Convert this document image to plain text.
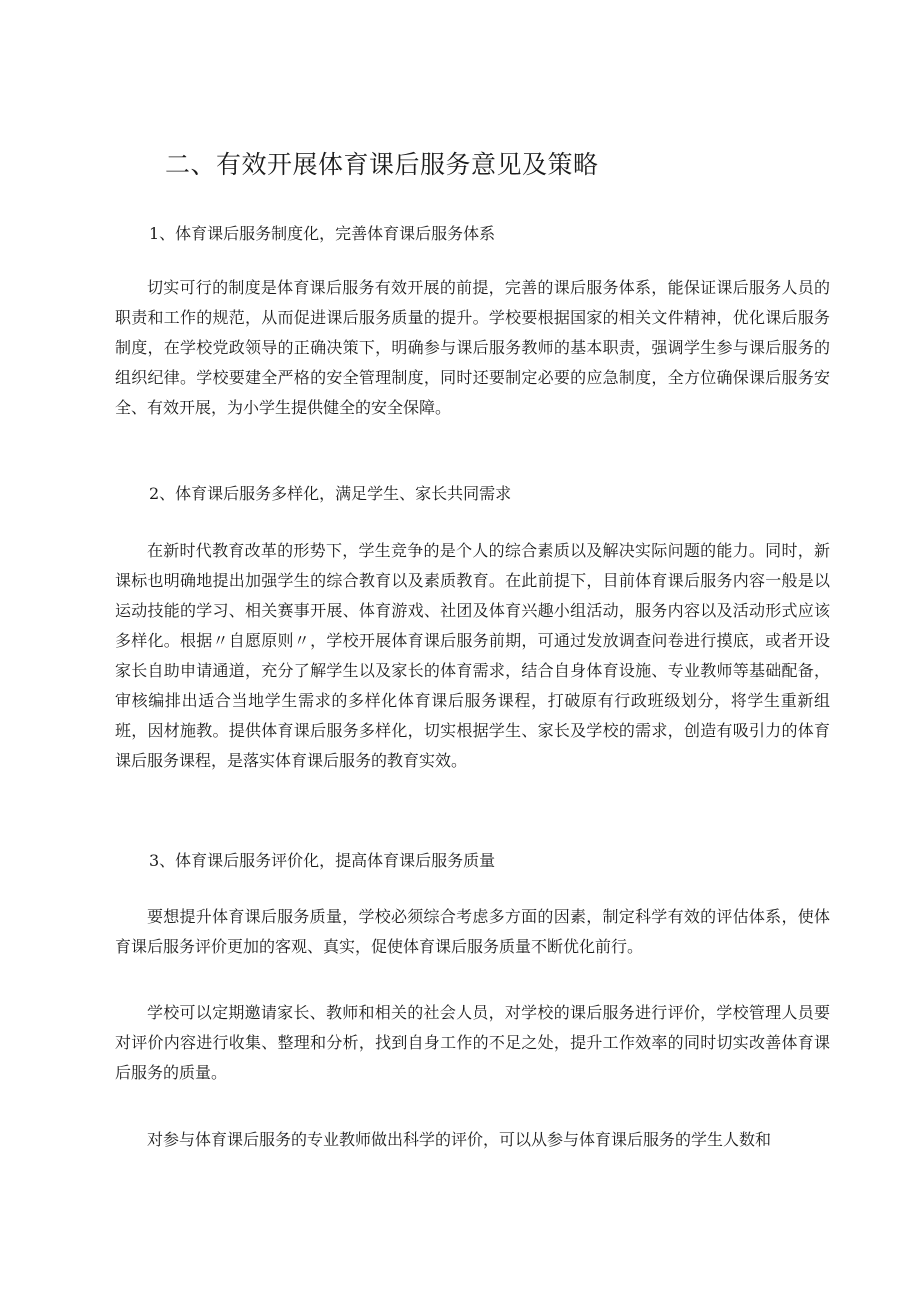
二、有效开展体育课后服务意见及策略
1、体育课后服务制度化，完善体育课后服务体系

切实可行的制度是体育课后服务有效开展的前提，完善的课后服务体系，能保证课后服务人员的职责和工作的规范，从而促进课后服务质量的提升。学校要根据国家的相关文件精神，优化课后服务制度，在学校党政领导的正确决策下，明确参与课后服务教师的基本职责，强调学生参与课后服务的组织纪律。学校要建全严格的安全管理制度，同时还要制定必要的应急制度，全方位确保课后服务安全、有效开展，为小学生提供健全的安全保障。

2、体育课后服务多样化，满足学生、家长共同需求

在新时代教育改革的形势下，学生竞争的是个人的综合素质以及解决实际问题的能力。同时，新课标也明确地提出加强学生的综合教育以及素质教育。在此前提下，目前体育课后服务内容一般是以运动技能的学习、相关赛事开展、体育游戏、社团及体育兴趣小组活动，服务内容以及活动形式应该多样化。根据〃自愿原则〃，学校开展体育课后服务前期，可通过发放调查问卷进行摸底，或者开设家长自助申请通道，充分了解学生以及家长的体育需求，结合自身体育设施、专业教师等基础配备，审核编排出适合当地学生需求的多样化体育课后服务课程，打破原有行政班级划分，将学生重新组班，因材施教。提供体育课后服务多样化，切实根据学生、家长及学校的需求，创造有吸引力的体育课后服务课程，是落实体育课后服务的教育实效。

3、体育课后服务评价化，提高体育课后服务质量

要想提升体育课后服务质量，学校必须综合考虑多方面的因素，制定科学有效的评估体系，使体育课后服务评价更加的客观、真实，促使体育课后服务质量不断优化前行。

学校可以定期邀请家长、教师和相关的社会人员，对学校的课后服务进行评价，学校管理人员要对评价内容进行收集、整理和分析，找到自身工作的不足之处，提升工作效率的同时切实改善体育课后服务的质量。

对参与体育课后服务的专业教师做出科学的评价，可以从参与体育课后服务的学生人数和
